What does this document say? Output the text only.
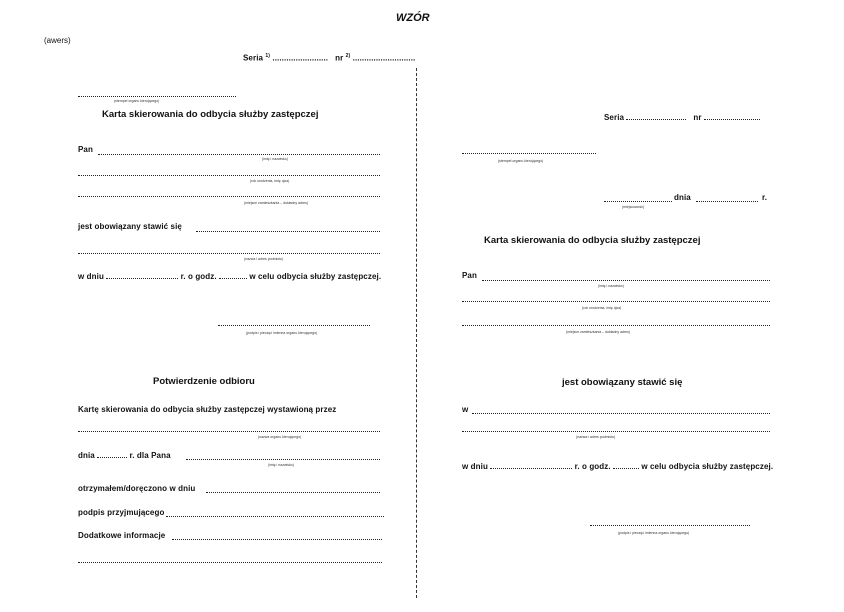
WZÓR
(awers)
Seria $^{1)}$ ........................ nr $^{2)}$ ...........................
(stempel organu kierującego)
Karta skierowania do odbycia służby zastępczej
Pan
(imię i nazwisko)
(rok urodzenia, imię ojca)
(miejsce zamieszkania – dokładny adres)
jest obowiązany stawić się
(nazwa i adres podmiotu)
w dniu	r. o godz.	w celu odbycia służby zastępczej.
(podpis i pieczęć imienna organu kierującego)
Potwierdzenie odbioru
Kartę skierowania do odbycia służby zastępczej wystawioną przez
(nazwa organu kierującego)
dnia	r. dla Pana
(imię i nazwisko)
otrzymałem/doręczono w dniu
podpis przyjmującego
Dodatkowe informacje
Seria	nr
(stempel organu kierującego)
dnia	r.
(miejscowość)
Karta skierowania do odbycia służby zastępczej
Pan
(imię i nazwisko)
(rok urodzenia, imię ojca)
(miejsce zamieszkania – dokładny adres)
jest obowiązany stawić się
w
(nazwa i adres podmiotu)
w dniu	r. o godz.	w celu odbycia służby zastępczej.
(podpis i pieczęć imienna organu kierującego)
